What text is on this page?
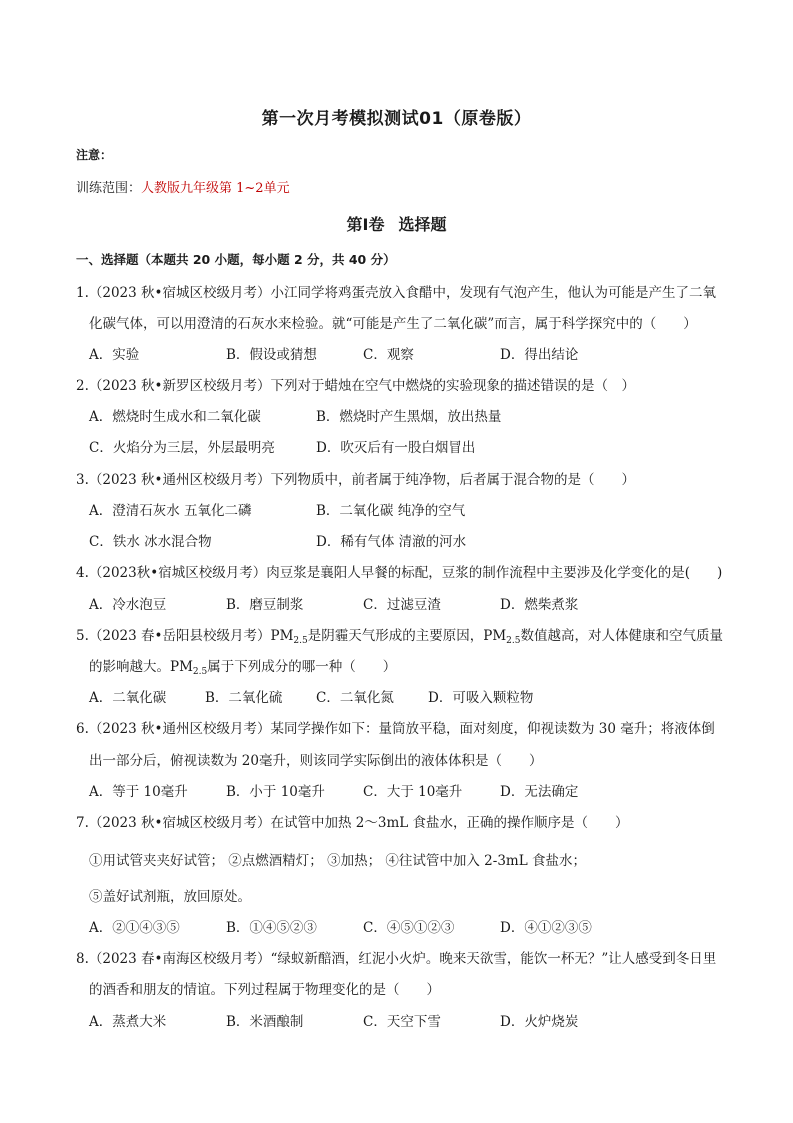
第一次月考模拟测试01（原卷版）
注意：
训练范围：人教版九年级第 1~2单元
第Ⅰ卷 选择题
一、选择题（本题共 20 小题，每小题 2 分，共 40 分）
1.（2023 秋•宿城区校级月考）小江同学将鸡蛋壳放入食醋中，发现有气泡产生，他认为可能是产生了二氧
化碳气体，可以用澄清的石灰水来检验。就“可能是产生了二氧化碳”而言，属于科学探究中的（　　）
A．实验	B．假设或猜想	C．观察	D．得出结论
2.（2023 秋•新罗区校级月考）下列对于蜡烛在空气中燃烧的实验现象的描述错误的是（　）
A．燃烧时生成水和二氧化碳	B．燃烧时产生黑烟，放出热量
C．火焰分为三层，外层最明亮	D．吹灭后有一股白烟冒出
3.（2023 秋•通州区校级月考）下列物质中，前者属于纯净物，后者属于混合物的是（　　）
A．澄清石灰水 五氧化二磷	B．二氧化碳 纯净的空气
C．铁水 冰水混合物	D．稀有气体 清澈的河水
4.（2023秋•宿城区校级月考）肉豆浆是襄阳人早餐的标配，豆浆的制作流程中主要涉及化学变化的是(　　)
A．冷水泡豆	B．磨豆制浆	C．过滤豆渣	D．燃柴煮浆
5.（2023 春•岳阳县校级月考）$PM_{2.5}$是阴霾天气形成的主要原因，$PM_{2.5}$数值越高，对人体健康和空气质量
的影响越大。$PM_{2.5}$属于下列成分的哪一种（　　）
A．二氧化碳	B．二氧化硫 C．二氧化氮	D．可吸入颗粒物
6.（2023 秋•通州区校级月考）某同学操作如下：量筒放平稳，面对刻度，仰视读数为 30 毫升；将液体倒
出一部分后，俯视读数为 20毫升，则该同学实际倒出的液体体积是（　　）
A．等于 10毫升	B．小于 10毫升	C．大于 10毫升	D．无法确定
7.（2023 秋•宿城区校级月考）在试管中加热 2～3mL 食盐水，正确的操作顺序是（　　）
①用试管夹夹好试管； ②点燃酒精灯； ③加热； ④往试管中加入 2-3mL 食盐水；
⑤盖好试剂瓶，放回原处。
A．②①④③⑤	B．①④⑤②③	C．④⑤①②③	D．④①②③⑤
8.（2023 春•南海区校级月考）“绿蚁新醅酒，红泥小火炉。晚来天欲雪，能饮一杯无？”让人感受到冬日里
的酒香和朋友的情谊。下列过程属于物理变化的是（　　）
A．蒸煮大米	B．米酒酿制	C．天空下雪	D．火炉烧炭
